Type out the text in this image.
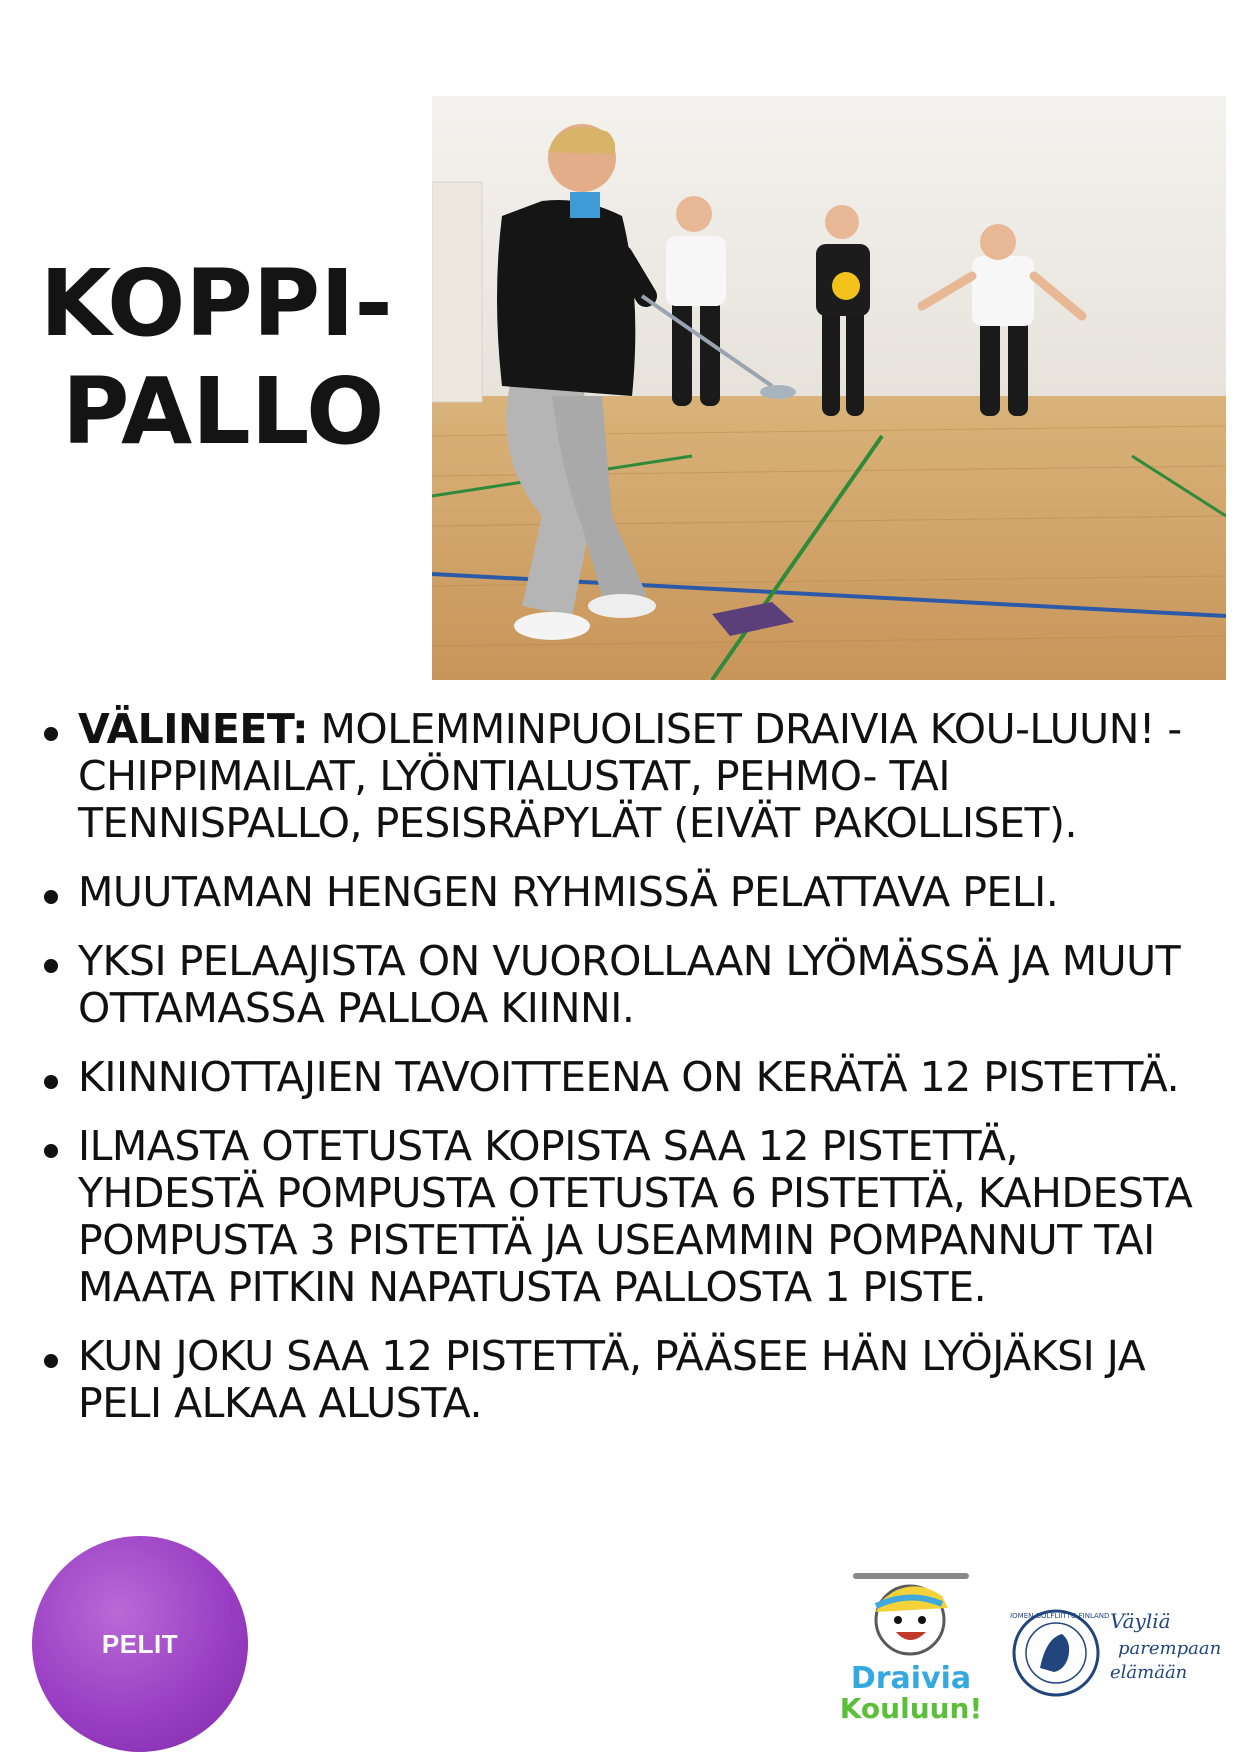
KOPPI-

PALLO
VÄLINEET: MOLEMMINPUOLISET DRAIVIA KOU-LUUN! -CHIPPIMAILAT, LYÖNTIALUSTAT, PEHMO- TAI TENNISPALLO, PESISRÄPYLÄT (EIVÄT PAKOLLISET).
MUUTAMAN HENGEN RYHMISSÄ PELATTAVA PELI.
YKSI PELAAJISTA ON VUOROLLAAN LYÖMÄSSÄ JA MUUT OTTAMASSA PALLOA KIINNI.
KIINNIOTTAJIEN TAVOITTEENA ON KERÄTÄ 12 PISTETTÄ.
ILMASTA OTETUSTA KOPISTA SAA 12 PISTETTÄ, YHDESTÄ POMPUSTA OTETUSTA 6 PISTETTÄ, KAHDESTA POMPUSTA 3 PISTETTÄ JA USEAMMIN POMPANNUT TAI MAATA PITKIN NAPATUSTA PALLOSTA 1 PISTE.
KUN JOKU SAA 12 PISTETTÄ, PÄÄSEE HÄN LYÖJÄKSI JA PELI ALKAA ALUSTA.
PELIT
Draivia
Kouluun!
SUOMEN GOLFLIITTO FINLAND Väyliä
parempaan
elämään
